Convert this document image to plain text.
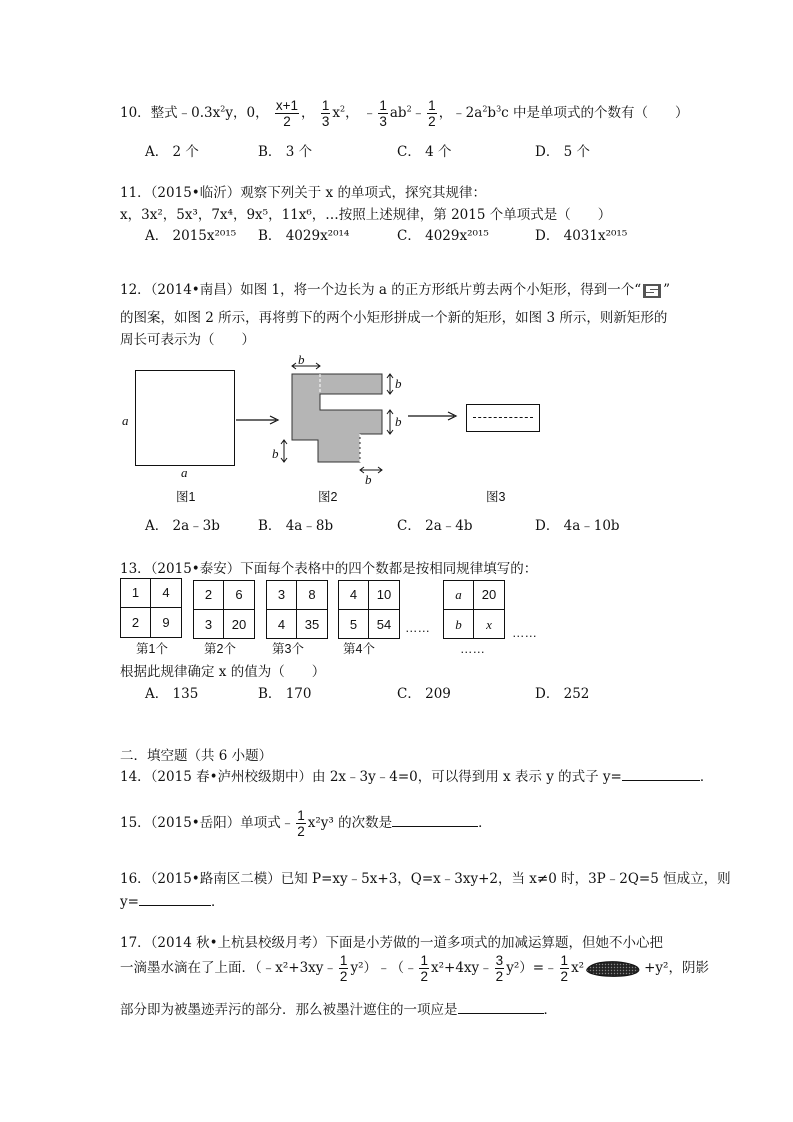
10．整式$﹣0.3x^2y$，0， $\frac{x+1}{2}$ ， $\frac{1}{3} x^2$， ﹣ $\frac{1}{3}$ $ab^2﹣ \frac{1}{2}$ ，$﹣2a^2b^3c$ 中是单项式的个数有（　　）
A． 2 个	B． 3 个	C． 4 个	D． 5 个
11．（2015•临沂）观察下列关于 x 的单项式，探究其规律：
x，3x²，5x³，7x⁴，9x⁵，11x⁶，…按照上述规律，第 2015 个单项式是（　　）
A． 2015x²⁰¹⁵ B． 4029x²⁰¹⁴	C． 4029x²⁰¹⁵	D． 4031x²⁰¹⁵
12．（2014•南昌）如图 1，将一个边长为 a 的正方形纸片剪去两个小矩形，得到一个“ ”
的图案，如图 2 所示，再将剪下的两个小矩形拼成一个新的矩形，如图 3 所示，则新矩形的
周长可表示为（　　）
a
a
b
b
b
b
b
图1	图2	图3
A． 2a﹣3b	B． 4a﹣8b	C． 2a﹣4b	D． 4a﹣10b
13．（2015•泰安）下面每个表格中的四个数都是按相同规律填写的：
1	4
2	9
第1个
2	6
3	20
第2个
3	8
4	35
第3个
4	10
5	54
第4个
……
a	20
b	x
……
……
根据此规律确定 x 的值为（　　）
A． 135	B． 170	C． 209	D． 252
二．填空题（共 6 小题）
14．（2015 春•泸州校级期中）由 2x﹣3y﹣4=0，可以得到用 x 表示 y 的式子 y=	．
15．（2015•岳阳）单项式﹣ $\frac{1}{2} x^2y^3$ 的次数是	．
16．（2015•路南区二模）已知 P=xy﹣5x+3，Q=x﹣3xy+2，当 x≠0 时，3P﹣2Q=5 恒成立，则
y=	．
17．（2014 秋•上杭县校级月考）下面是小芳做的一道多项式的加减运算题，但她不小心把
一滴墨水滴在了上面．（﹣x²+3xy﹣ $\frac{1}{2}$ y²）﹣（﹣ $\frac{1}{2}$ x²+4xy﹣ $\frac{3}{2}$ y²）=﹣ $\frac{1}{2} x^2$	+y²，阴影
部分即为被墨迹弄污的部分．那么被墨汁遮住的一项应是	．
